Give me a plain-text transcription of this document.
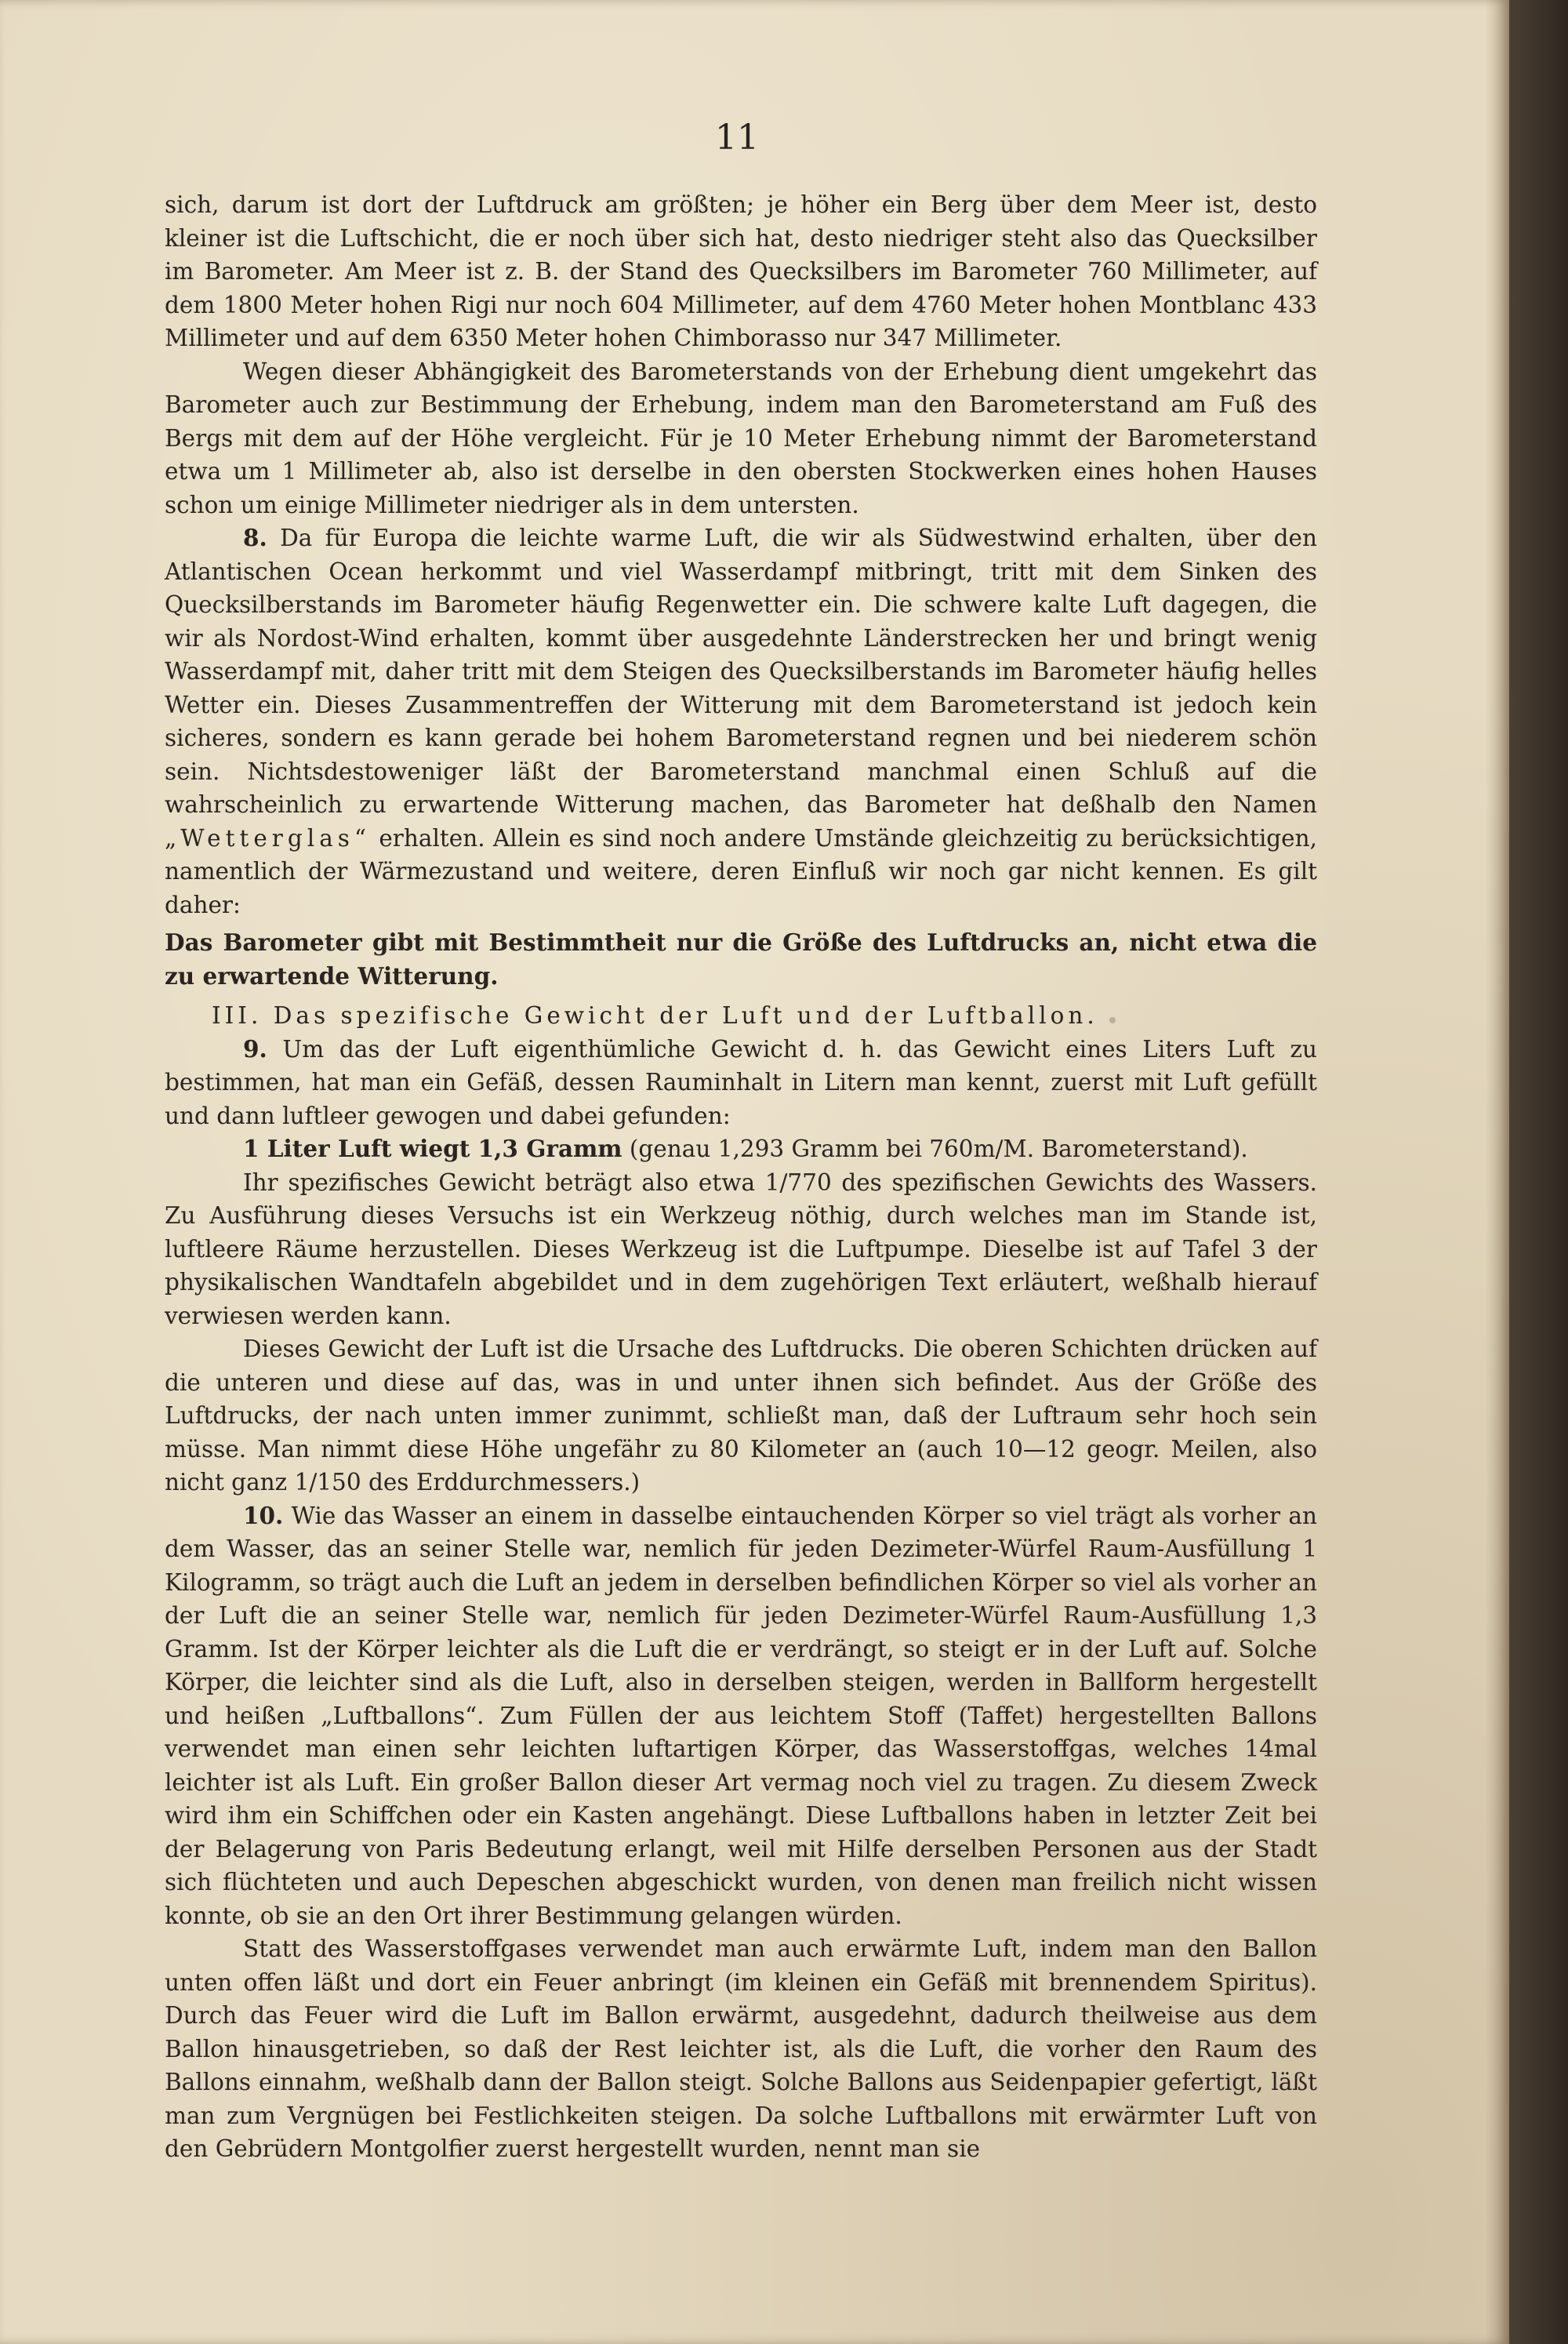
11

sich, darum ist dort der Luftdruck am größten; je höher ein Berg über dem Meer ist, desto kleiner ist die Luftschicht, die er noch über sich hat, desto niedriger steht also das Quecksilber im Barometer. Am Meer ist z. B. der Stand des Quecksilbers im Barometer 760 Millimeter, auf dem 1800 Meter hohen Rigi nur noch 604 Millimeter, auf dem 4760 Meter hohen Montblanc 433 Millimeter und auf dem 6350 Meter hohen Chimborasso nur 347 Millimeter.

Wegen dieser Abhängigkeit des Barometerstands von der Erhebung dient umgekehrt das Barometer auch zur Bestimmung der Erhebung, indem man den Barometerstand am Fuß des Bergs mit dem auf der Höhe vergleicht. Für je 10 Meter Erhebung nimmt der Barometerstand etwa um 1 Millimeter ab, also ist derselbe in den obersten Stockwerken eines hohen Hauses schon um einige Millimeter niedriger als in dem untersten.

8. Da für Europa die leichte warme Luft, die wir als Südwestwind erhalten, über den Atlantischen Ocean herkommt und viel Wasserdampf mitbringt, tritt mit dem Sinken des Quecksilberstands im Barometer häufig Regenwetter ein. Die schwere kalte Luft dagegen, die wir als Nordost-Wind erhalten, kommt über ausgedehnte Länderstrecken her und bringt wenig Wasserdampf mit, daher tritt mit dem Steigen des Quecksilberstands im Barometer häufig helles Wetter ein. Dieses Zusammentreffen der Witterung mit dem Barometerstand ist jedoch kein sicheres, sondern es kann gerade bei hohem Barometerstand regnen und bei niederem schön sein. Nichtsdestoweniger läßt der Barometerstand manchmal einen Schluß auf die wahrscheinlich zu erwartende Witterung machen, das Barometer hat deßhalb den Namen „Wetterglas“ erhalten. Allein es sind noch andere Umstände gleichzeitig zu berücksichtigen, namentlich der Wärmezustand und weitere, deren Einfluß wir noch gar nicht kennen. Es gilt daher:

Das Barometer gibt mit Bestimmtheit nur die Größe des Luftdrucks an, nicht etwa die zu erwartende Witterung.

III. Das spezifische Gewicht der Luft und der Luftballon.

9. Um das der Luft eigenthümliche Gewicht d. h. das Gewicht eines Liters Luft zu bestimmen, hat man ein Gefäß, dessen Rauminhalt in Litern man kennt, zuerst mit Luft gefüllt und dann luftleer gewogen und dabei gefunden:

1 Liter Luft wiegt 1,3 Gramm (genau 1,293 Gramm bei 760m/M. Barometerstand).

Ihr spezifisches Gewicht beträgt also etwa 1/770 des spezifischen Gewichts des Wassers. Zu Ausführung dieses Versuchs ist ein Werkzeug nöthig, durch welches man im Stande ist, luftleere Räume herzustellen. Dieses Werkzeug ist die Luftpumpe. Dieselbe ist auf Tafel 3 der physikalischen Wandtafeln abgebildet und in dem zugehörigen Text erläutert, weßhalb hierauf verwiesen werden kann.

Dieses Gewicht der Luft ist die Ursache des Luftdrucks. Die oberen Schichten drücken auf die unteren und diese auf das, was in und unter ihnen sich befindet. Aus der Größe des Luftdrucks, der nach unten immer zunimmt, schließt man, daß der Luftraum sehr hoch sein müsse. Man nimmt diese Höhe ungefähr zu 80 Kilometer an (auch 10—12 geogr. Meilen, also nicht ganz 1/150 des Erddurchmessers.)

10. Wie das Wasser an einem in dasselbe eintauchenden Körper so viel trägt als vorher an dem Wasser, das an seiner Stelle war, nemlich für jeden Dezimeter-Würfel Raum-Ausfüllung 1 Kilogramm, so trägt auch die Luft an jedem in derselben befindlichen Körper so viel als vorher an der Luft die an seiner Stelle war, nemlich für jeden Dezimeter-Würfel Raum-Ausfüllung 1,3 Gramm. Ist der Körper leichter als die Luft die er verdrängt, so steigt er in der Luft auf. Solche Körper, die leichter sind als die Luft, also in derselben steigen, werden in Ballform hergestellt und heißen „Luftballons“. Zum Füllen der aus leichtem Stoff (Taffet) hergestellten Ballons verwendet man einen sehr leichten luftartigen Körper, das Wasserstoffgas, welches 14mal leichter ist als Luft. Ein großer Ballon dieser Art vermag noch viel zu tragen. Zu diesem Zweck wird ihm ein Schiffchen oder ein Kasten angehängt. Diese Luftballons haben in letzter Zeit bei der Belagerung von Paris Bedeutung erlangt, weil mit Hilfe derselben Personen aus der Stadt sich flüchteten und auch Depeschen abgeschickt wurden, von denen man freilich nicht wissen konnte, ob sie an den Ort ihrer Bestimmung gelangen würden.

Statt des Wasserstoffgases verwendet man auch erwärmte Luft, indem man den Ballon unten offen läßt und dort ein Feuer anbringt (im kleinen ein Gefäß mit brennendem Spiritus). Durch das Feuer wird die Luft im Ballon erwärmt, ausgedehnt, dadurch theilweise aus dem Ballon hinausgetrieben, so daß der Rest leichter ist, als die Luft, die vorher den Raum des Ballons einnahm, weßhalb dann der Ballon steigt. Solche Ballons aus Seidenpapier gefertigt, läßt man zum Vergnügen bei Festlichkeiten steigen. Da solche Luftballons mit erwärmter Luft von den Gebrüdern Montgolfier zuerst hergestellt wurden, nennt man sie
